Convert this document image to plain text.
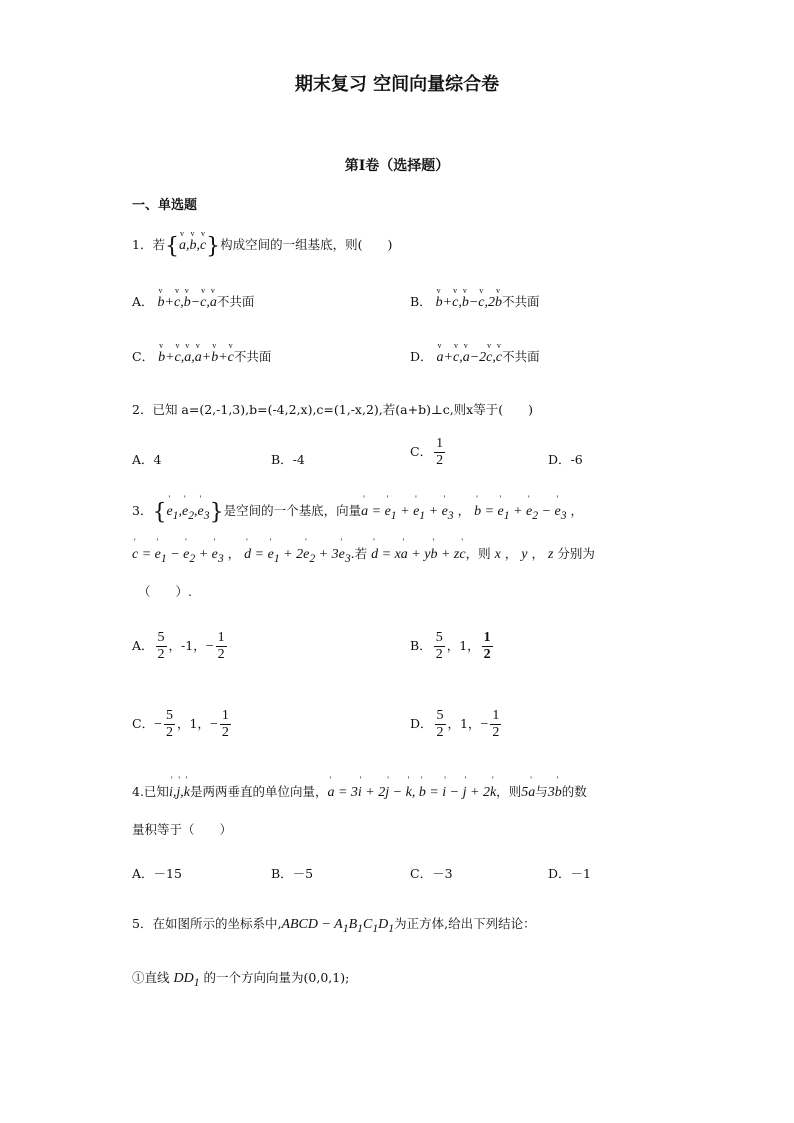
期末复习 空间向量综合卷
第I卷（选择题）
一、单选题
1．若{v a,v b,v c}构成空间的一组基底，则(　　)
A． v b+v c,v b−v c,v a不共面	B． v b+v c,v b−v c,2v b不共面
C． v b+v c,v a,v a+v b+v c不共面	D． v a+v c,v a−2v c,v c不共面
2．已知 a=(2,-1,3),b=(-4,2,x),c=(1,-x,2),若(a+b)⊥c,则x等于(　　)
A．4	B．-4
C． $\frac{1}{2}$	D．-6
3．{' $e_1,'$ $e_2,'$ $e_3$}是空间的一个基底，向量' a = ' $e_1$ + ' $e_1$ + ' $e_3$ ， ' b = ' $e_1$ + ' $e_2$ − ' $e_3$ ，
' c = ' $e_1$ − ' $e_2$ + ' $e_3$ ， ' d = ' $e_1 + 2'$ $e_2 + 3'$ $e_3$.若 ' d = x' a + y' b + z' c，则 x ， y ， z 分别为
（　　）.
A． $\frac{5}{2}$ ，-1，− $\frac{1}{2}$	B． $\frac{5}{2}$ ，1， $\frac{1}{2}$
C．− $\frac{5}{2}$ ，1，− $\frac{1}{2}$	D． $\frac{5}{2}$ ，1，− $\frac{1}{2}$
4.已知' i,' j,' k是两两垂直的单位向量，' a = 3' i + 2' j − ' k, ' b = ' i − ' j + 2' k，则5' a与3' b的数
量积等于（　　）
A．－15	B．－5	C．－3	D．－1
5．在如图所示的坐标系中,ABCD − $A_1B_1C_1D_1$为正方体,给出下列结论：
①直线 $DD_1$ 的一个方向向量为(0,0,1);
